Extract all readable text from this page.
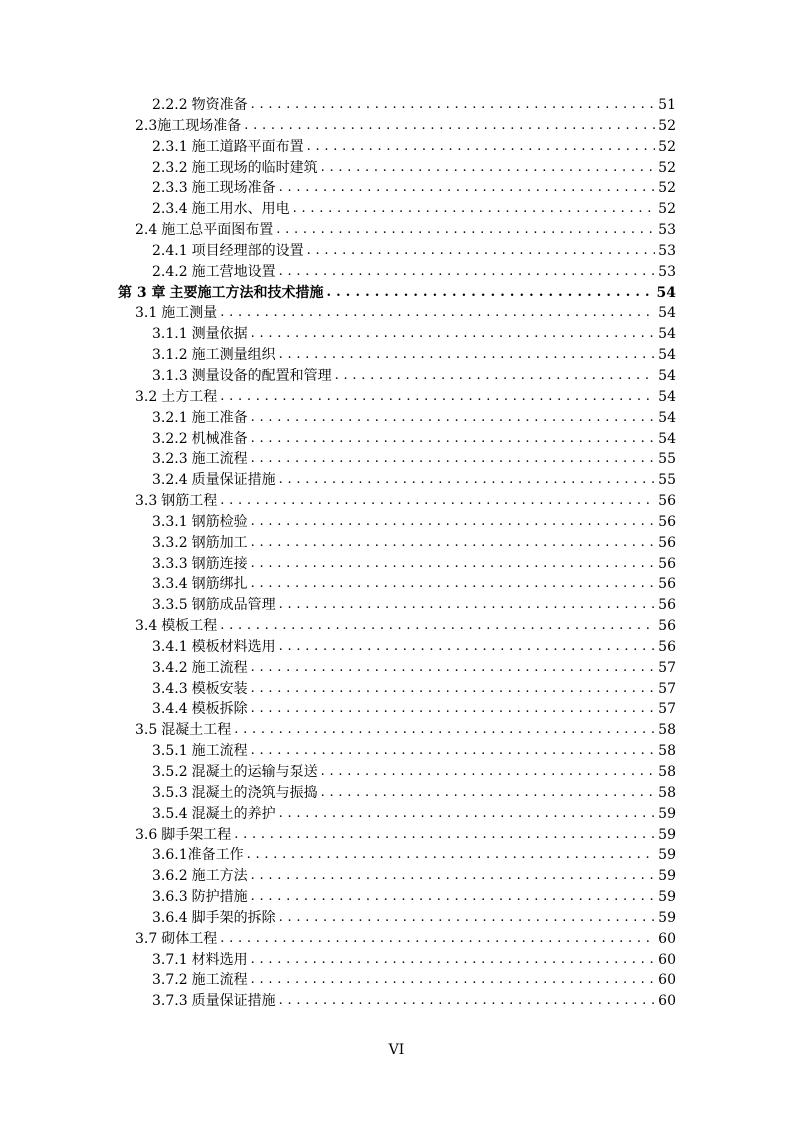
2.2.2 物资准备 . . .	51
2.3 施工现场准备 . . .	52
2.3.1 施工道路平面布置 . . .	52
2.3.2 施工现场的临时建筑 . . .	52
2.3.3 施工现场准备 . . .	52
2.3.4 施工用水、用电 . . .	52
2.4 施工总平面图布置 . . .	53
2.4.1 项目经理部的设置 . . .	53
2.4.2 施工营地设置 . . .	53
第 3 章 主要施工方法和技术措施 . . .	54
3.1 施工测量 . . .	54
3.1.1 测量依据 . . .	54
3.1.2 施工测量组织 . . .	54
3.1.3 测量设备的配置和管理 . . .	54
3.2 土方工程 . . .	54
3.2.1 施工准备 . . .	54
3.2.2 机械准备 . . .	54
3.2.3 施工流程 . . .	55
3.2.4 质量保证措施 . . .	55
3.3 钢筋工程 . . .	56
3.3.1 钢筋检验 . . .	56
3.3.2 钢筋加工 . . .	56
3.3.3 钢筋连接 . . .	56
3.3.4 钢筋绑扎 . . .	56
3.3.5 钢筋成品管理 . . .	56
3.4 模板工程 . . .	56
3.4.1 模板材料选用 . . .	56
3.4.2 施工流程 . . .	57
3.4.3 模板安装 . . .	57
3.4.4 模板拆除 . . .	57
3.5 混凝土工程 . . .	58
3.5.1 施工流程 . . .	58
3.5.2 混凝土的运输与泵送 . . .	58
3.5.3 混凝土的浇筑与振捣 . . .	58
3.5.4 混凝土的养护 . . .	59
3.6 脚手架工程 . . .	59
3.6.1 准备工作 . . .	59
3.6.2 施工方法 . . .	59
3.6.3 防护措施 . . .	59
3.6.4 脚手架的拆除 . . .	59
3.7 砌体工程 . . .	60
3.7.1 材料选用 . . .	60
3.7.2 施工流程 . . .	60
3.7.3 质量保证措施 . . .	60
VI
